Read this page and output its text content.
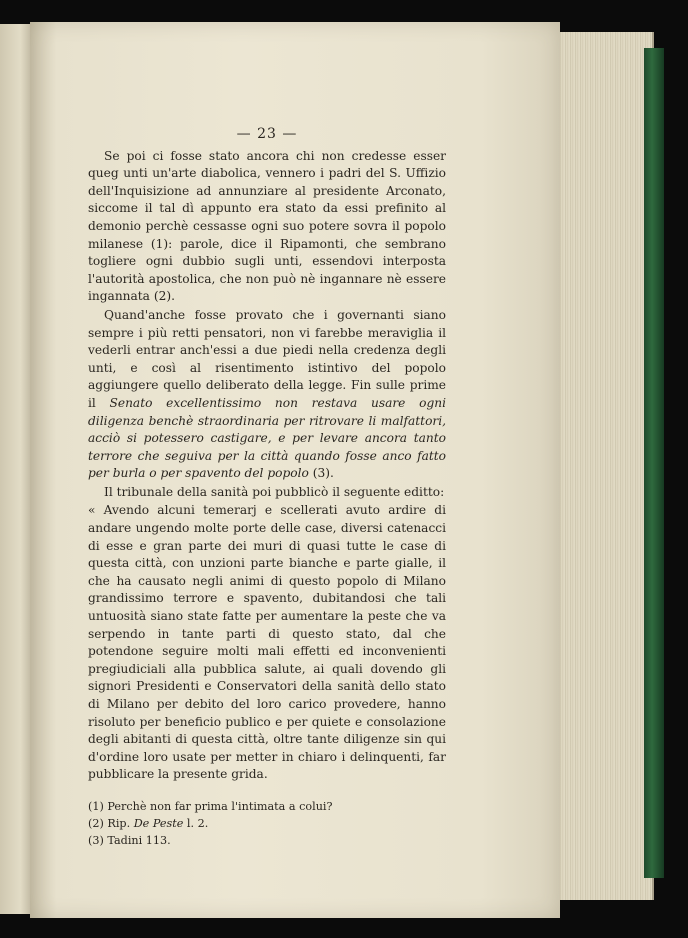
— 23 —

Se poi ci fosse stato ancora chi non credesse esser queg unti un'arte diabolica, vennero i padri del S. Uffizio dell'Inquisizione ad annunziare al presidente Arconato, siccome il tal dì appunto era stato da essi prefinito al demonio perchè cessasse ogni suo potere sovra il popolo milanese (1): parole, dice il Ripamonti, che sembrano togliere ogni dubbio sugli unti, essendovi interposta l'autorità apostolica, che non può nè ingannare nè essere ingannata (2).

Quand'anche fosse provato che i governanti siano sempre i più retti pensatori, non vi farebbe meraviglia il vederli entrar anch'essi a due piedi nella credenza degli unti, e così al risentimento istintivo del popolo aggiungere quello deliberato della legge. Fin sulle prime il Senato excellentissimo non restava usare ogni diligenza benchè straordinaria per ritrovare li malfattori, acciò si potessero castigare, e per levare ancora tanto terrore che seguiva per la città quando fosse anco fatto per burla o per spavento del popolo (3).

Il tribunale della sanità poi pubblicò il seguente editto:

« Avendo alcuni temerarj e scellerati avuto ardire di andare ungendo molte porte delle case, diversi catenacci di esse e gran parte dei muri di quasi tutte le case di questa città, con unzioni parte bianche e parte gialle, il che ha causato negli animi di questo popolo di Milano grandissimo terrore e spavento, dubitandosi che tali untuosità siano state fatte per aumentare la peste che va serpendo in tante parti di questo stato, dal che potendone seguire molti mali effetti ed inconvenienti pregiudiciali alla pubblica salute, ai quali dovendo gli signori Presidenti e Conservatori della sanità dello stato di Milano per debito del loro carico provedere, hanno risoluto per beneficio publico e per quiete e consolazione degli abitanti di questa città, oltre tante diligenze sin qui d'ordine loro usate per metter in chiaro i delinquenti, far pubblicare la presente grida.

(1) Perchè non far prima l'intimata a colui?

(2) Rip. De Peste l. 2.

(3) Tadini 113.
